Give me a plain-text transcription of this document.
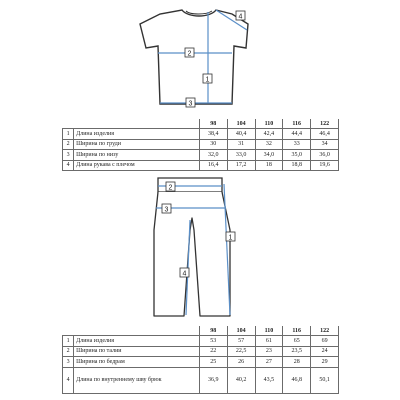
2
1
3
4
		98	104	110	116	122
1	Длина изделия	38,4	40,4	42,4	44,4	46,4
2	Ширина по груди	30	31	32	33	34
3	Ширина по низу	32,0	33,0	34,0	35,0	36,0
4	Длина рукава с плечом	16,4	17,2	18	18,8	19,6
2
3
1
4
		98	104	110	116	122
1	Длина изделия	53	57	61	65	69
2	Ширина по талии	22	22,5	23	23,5	24
3	Ширина по бедрам	25	26	27	28	29
4	Длина по внутреннему шву брюк	36,9	40,2	43,5	46,8	50,1
